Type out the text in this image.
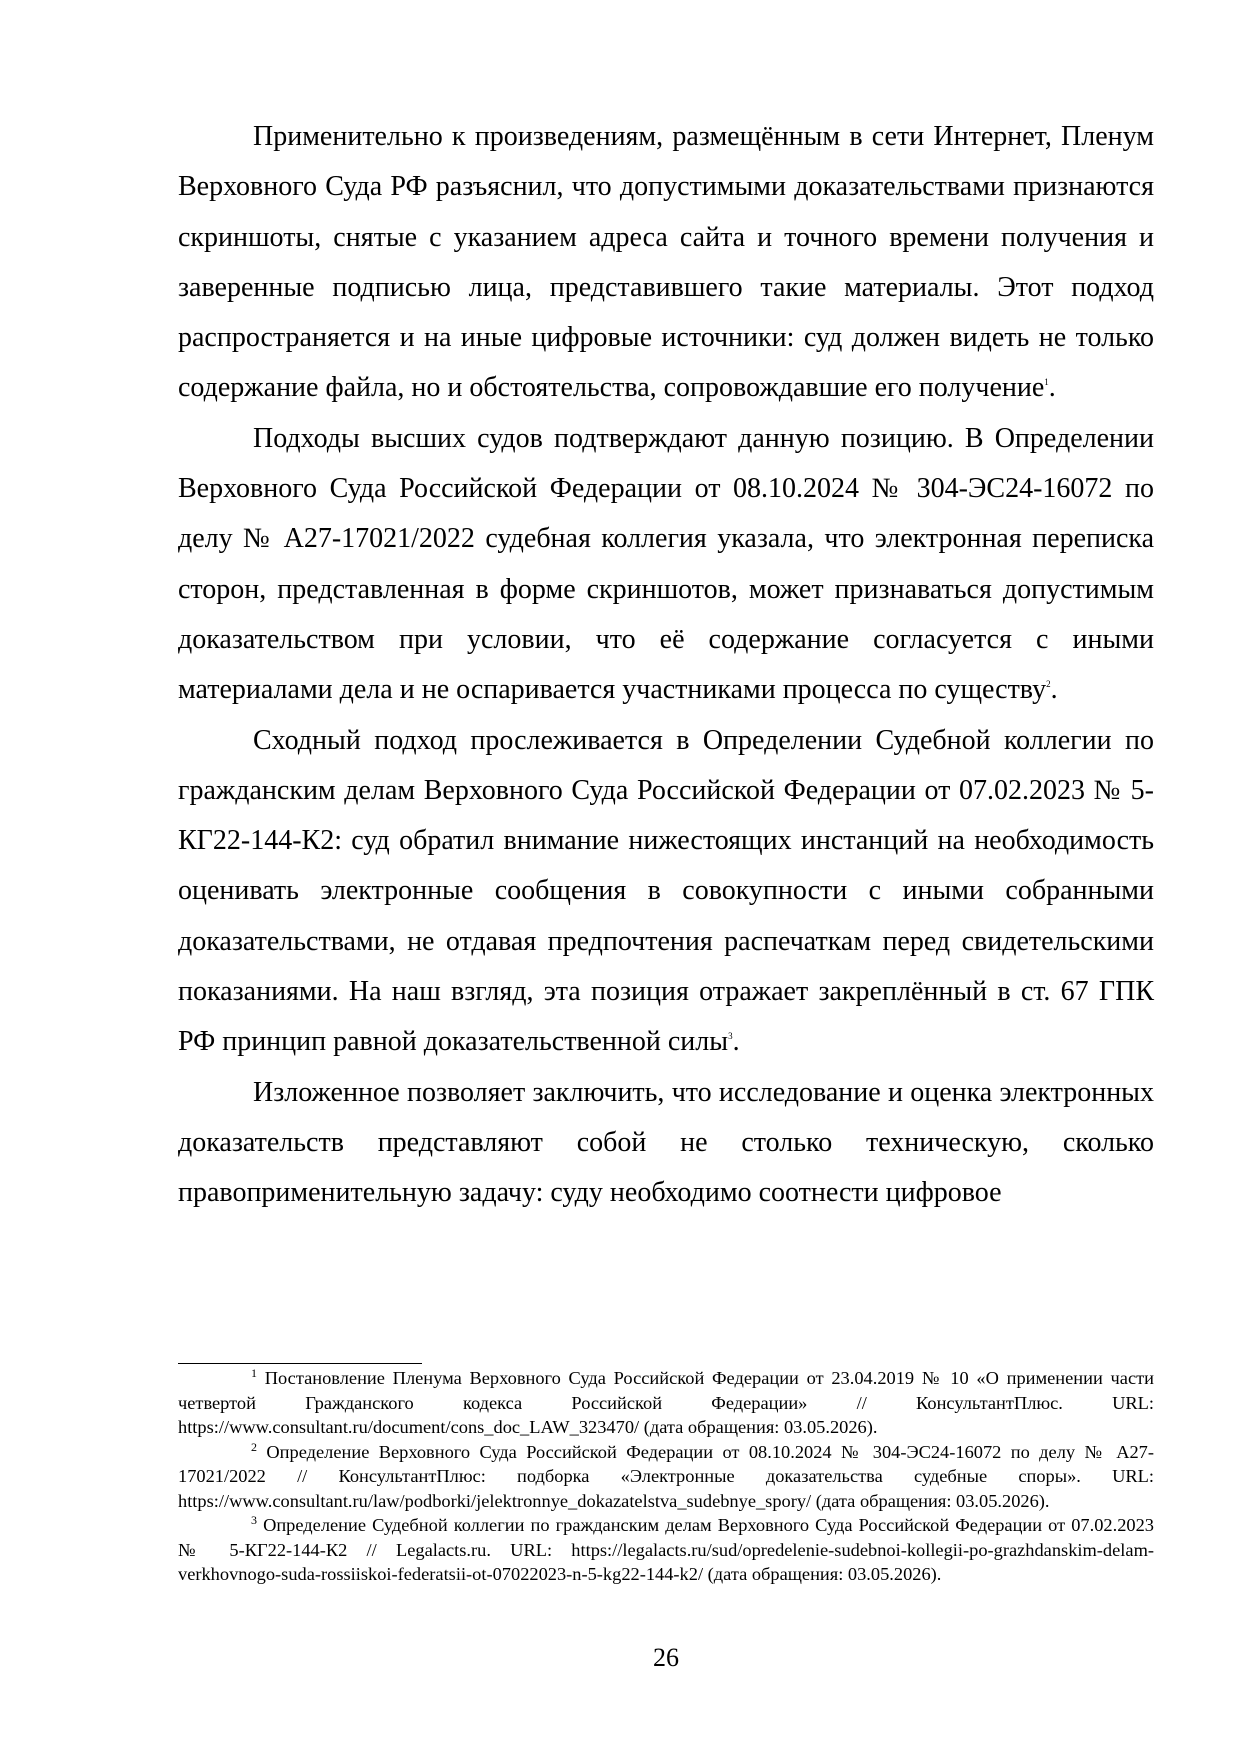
Применительно к произведениям, размещённым в сети Интернет, Пленум Верховного Суда РФ разъяснил, что допустимыми доказательствами признаются скриншоты, снятые с указанием адреса сайта и точного времени получения и заверенные подписью лица, представившего такие материалы. Этот подход распространяется и на иные цифровые источники: суд должен видеть не только содержание файла, но и обстоятельства, сопровождавшие его получение$^1$.

Подходы высших судов подтверждают данную позицию. В Определении Верховного Суда Российской Федерации от 08.10.2024 № 304-ЭС24-16072 по делу № А27-17021/2022 судебная коллегия указала, что электронная переписка сторон, представленная в форме скриншотов, может признаваться допустимым доказательством при условии, что её содержание согласуется с иными материалами дела и не оспаривается участниками процесса по существу$^2$.

Сходный подход прослеживается в Определении Судебной коллегии по гражданским делам Верховного Суда Российской Федерации от 07.02.2023 № 5-КГ22-144-К2: суд обратил внимание нижестоящих инстанций на необходимость оценивать электронные сообщения в совокупности с иными собранными доказательствами, не отдавая предпочтения распечаткам перед свидетельскими показаниями. На наш взгляд, эта позиция отражает закреплённый в ст. 67 ГПК РФ принцип равной доказательственной силы$^3$.

Изложенное позволяет заключить, что исследование и оценка электронных доказательств представляют собой не столько техническую, сколько правоприменительную задачу: суду необходимо соотнести цифровое

$^1$ Постановление Пленума Верховного Суда Российской Федерации от 23.04.2019 № 10 «О применении части четвертой Гражданского кодекса Российской Федерации» // КонсультантПлюс. URL: https://www.consultant.ru/document/cons_doc_LAW_323470/ (дата обращения: 03.05.2026).

$^2$ Определение Верховного Суда Российской Федерации от 08.10.2024 № 304-ЭС24-16072 по делу № А27-17021/2022 // КонсультантПлюс: подборка «Электронные доказательства судебные споры». URL: https://www.consultant.ru/law/podborki/jelektronnye_dokazatelstva_sudebnye_spory/ (дата обращения: 03.05.2026).

$^3$ Определение Судебной коллегии по гражданским делам Верховного Суда Российской Федерации от 07.02.2023 № 5-КГ22-144-К2 // Legalacts.ru. URL: https://legalacts.ru/sud/opredelenie-sudebnoi-kollegii-po-grazhdanskim-delam-verkhovnogo-suda-rossiiskoi-federatsii-ot-07022023-n-5-kg22-144-k2/ (дата обращения: 03.05.2026).

26
